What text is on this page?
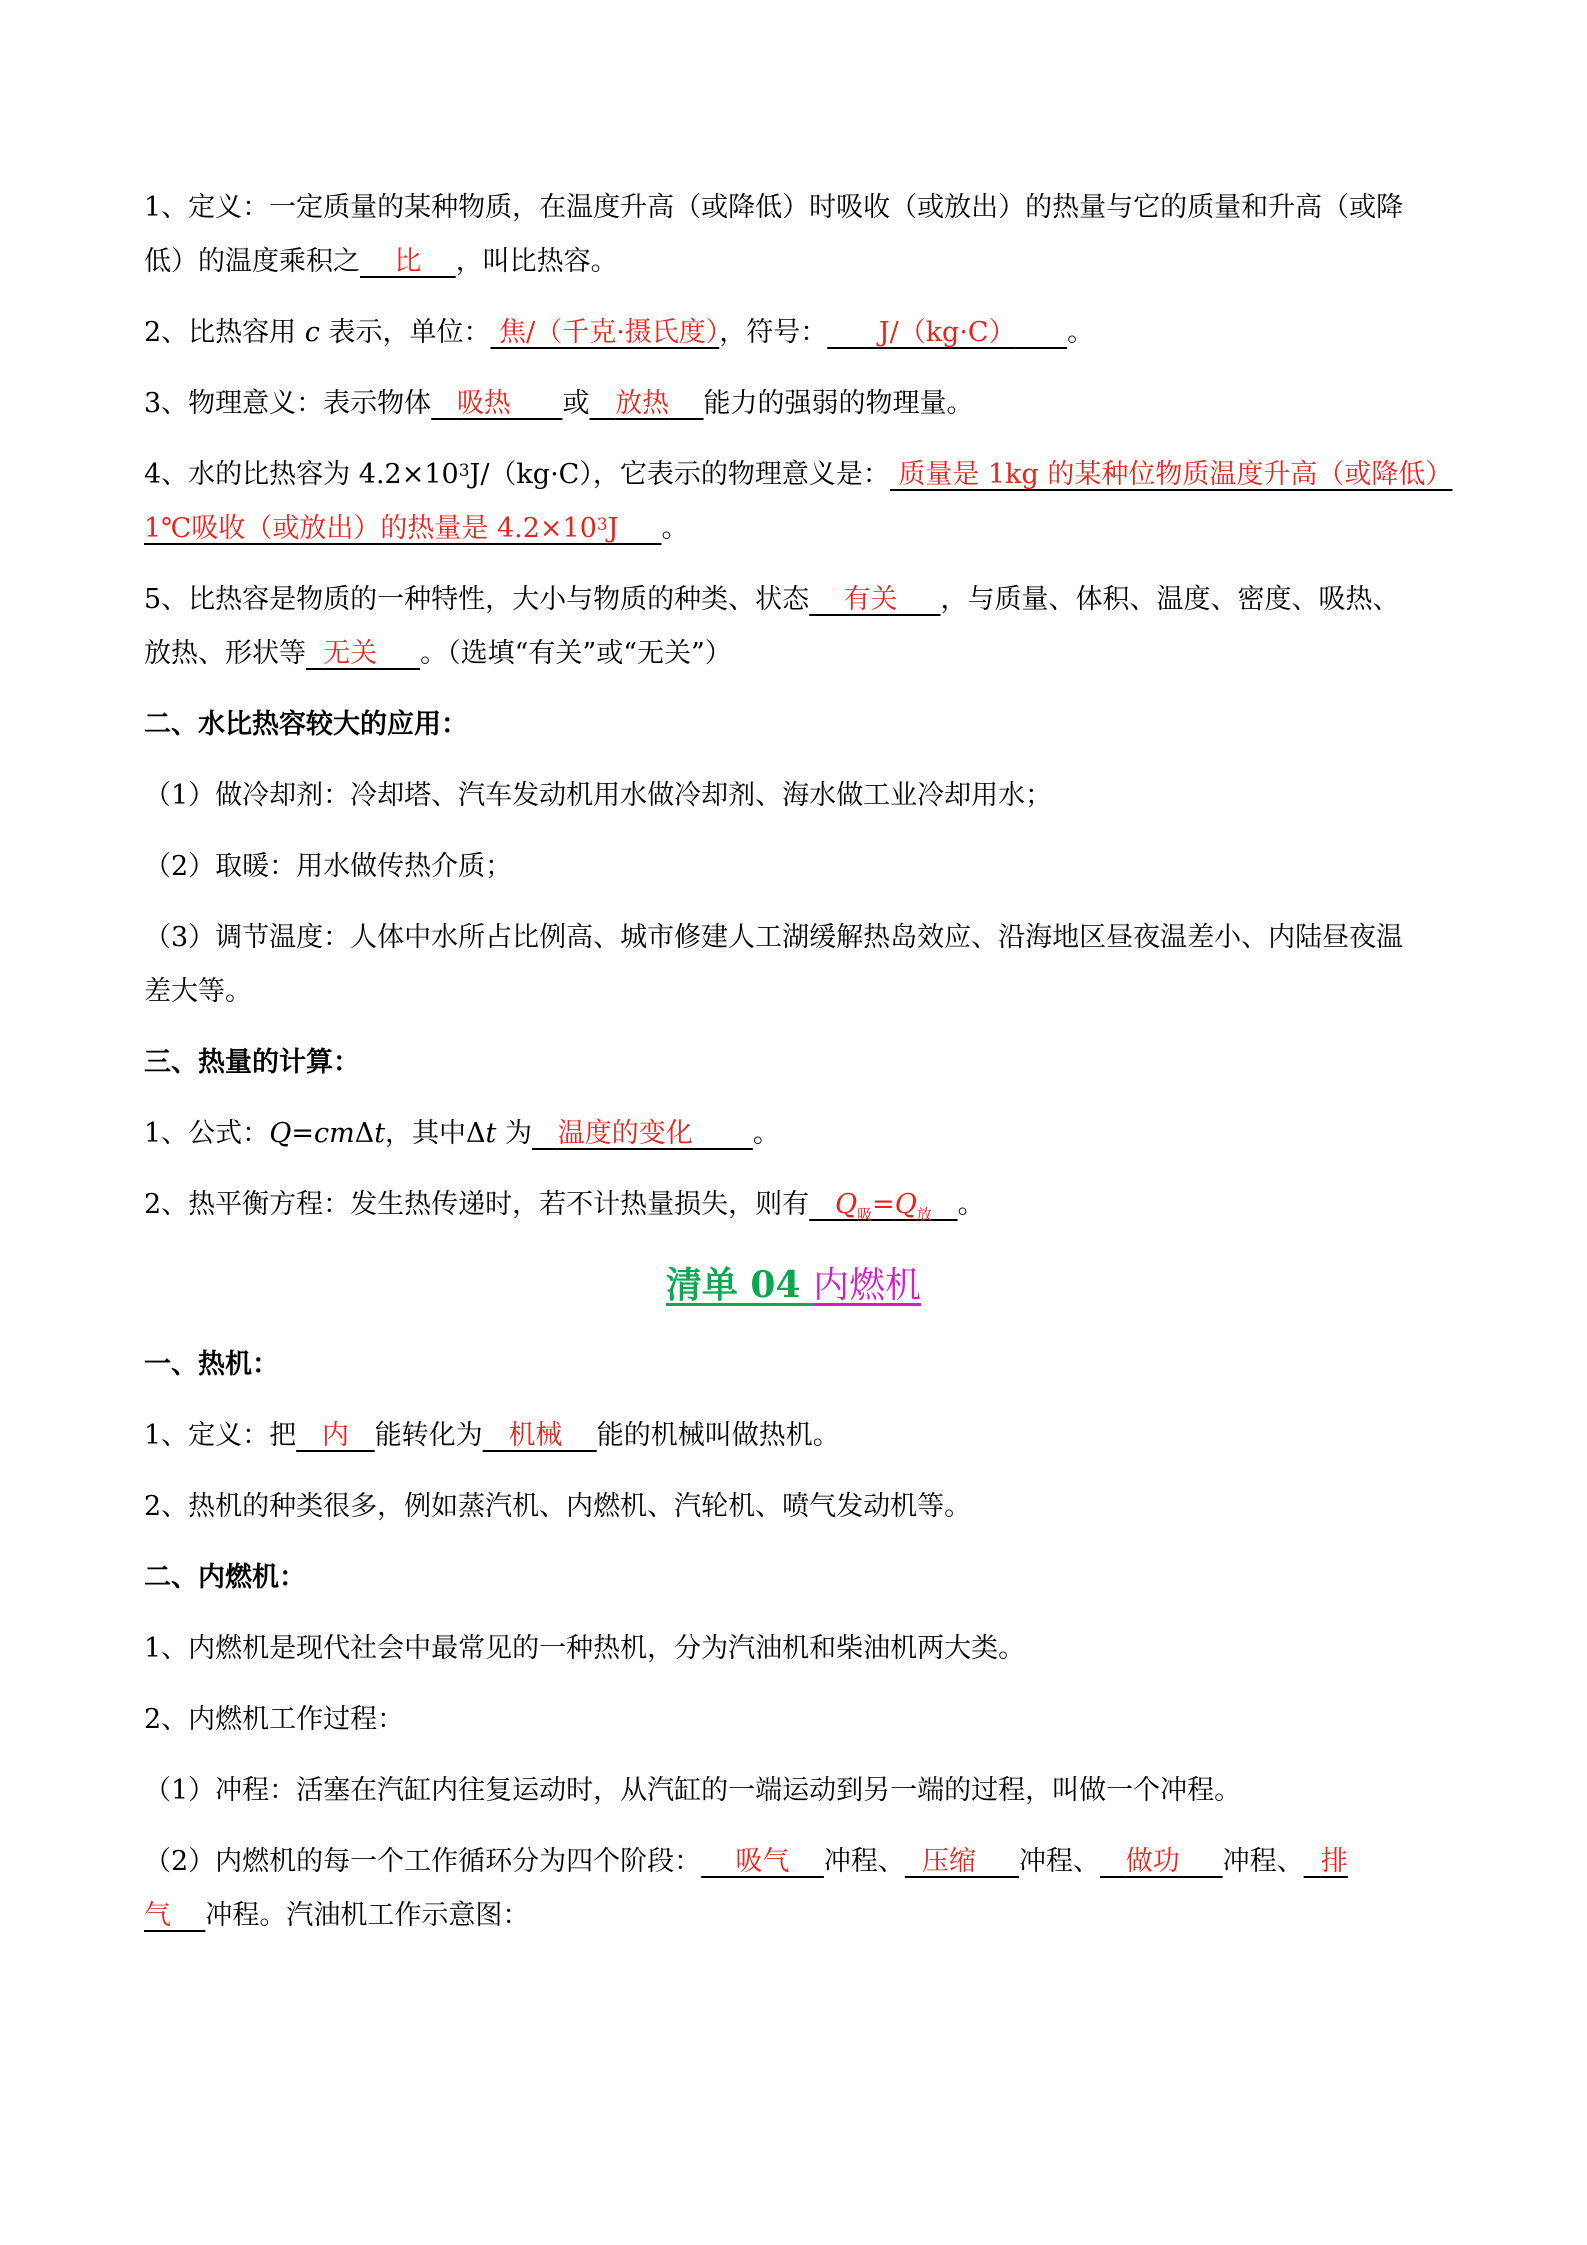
1、定义：一定质量的某种物质，在温度升高（或降低）时吸收（或放出）的热量与它的质量和升高（或降
低）的温度乘积之 比 ，叫比热容。
2、比热容用 c 表示，单位： 焦/（千克·摄氏度），符号： J/（kg·C） 。
3、物理意义：表示物体 吸热 或 放热 能力的强弱的物理量。
4、水的比热容为 $4.2\times 10^3J/(kg\cdot C)$，它表示的物理意义是： 质量是 1kg 的某种位物质温度升高（或降低）
1℃吸收（或放出）的热量是 $4.2\times 10^3J$ 。
5、比热容是物质的一种特性，大小与物质的种类、状态 有关 ，与质量、体积、温度、密度、吸热、
放热、形状等 无关 。（选填“有关”或“无关”）
二、水比热容较大的应用：
（1）做冷却剂：冷却塔、汽车发动机用水做冷却剂、海水做工业冷却用水；
（2）取暖：用水做传热介质；
（3）调节温度：人体中水所占比例高、城市修建人工湖缓解热岛效应、沿海地区昼夜温差小、内陆昼夜温
差大等。
三、热量的计算：
1、公式：Q=cmΔt，其中Δt 为 温度的变化 。
2、热平衡方程：发生热传递时，若不计热量损失，则有 $Q_吸=Q_放$ 。
清单 04 内燃机
一、热机：
1、定义：把 内 能转化为 机械 能的机械叫做热机。
2、热机的种类很多，例如蒸汽机、内燃机、汽轮机、喷气发动机等。
二、内燃机：
1、内燃机是现代社会中最常见的一种热机，分为汽油机和柴油机两大类。
2、内燃机工作过程：
（1）冲程：活塞在汽缸内往复运动时，从汽缸的一端运动到另一端的过程，叫做一个冲程。
（2）内燃机的每一个工作循环分为四个阶段： 吸气 冲程、 压缩 冲程、 做功 冲程、 排
气 冲程。汽油机工作示意图：
